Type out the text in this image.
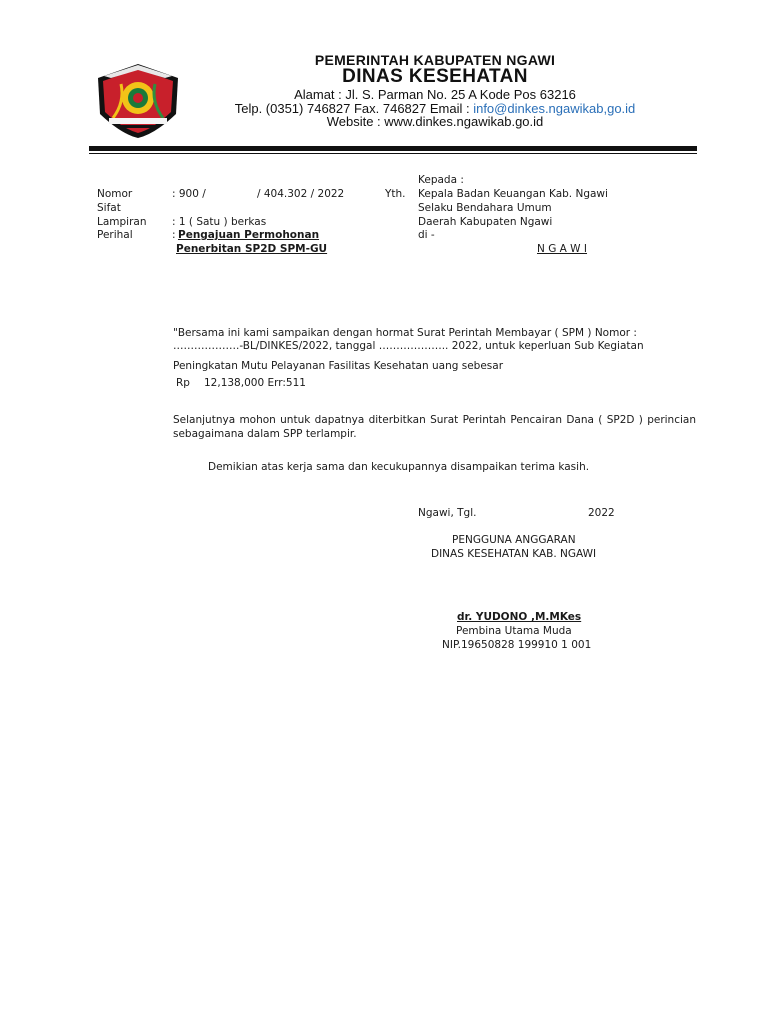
PEMERINTAH KABUPATEN NGAWI
DINAS KESEHATAN
Alamat : Jl. S. Parman No. 25 A Kode Pos 63216
Telp. (0351) 746827 Fax. 746827 Email : info@dinkes.ngawikab,go.id
Website : www.dinkes.ngawikab.go.id
Nomor	: 900 /	/ 404.302 / 2022
Sifat
Lampiran : 1 ( Satu ) berkas
Perihal	: Pengajuan Permohonan
Penerbitan SP2D SPM-GU
Kepada :
Yth. Kepala Badan Keuangan Kab. Ngawi
Selaku Bendahara Umum
Daerah Kabupaten Ngawi
di -
N G A W I
"Bersama ini kami sampaikan dengan hormat Surat Perintah Membayar ( SPM ) Nomor :
……………….-BL/DINKES/2022, tanggal ……………….. 2022, untuk keperluan Sub Kegiatan
Peningkatan Mutu Pelayanan Fasilitas Kesehatan uang sebesar
Rp 12,138,000 Err:511
Selanjutnya mohon untuk dapatnya diterbitkan Surat Perintah Pencairan Dana ( SP2D ) perincian sebagaimana dalam SPP terlampir.
Demikian atas kerja sama dan kecukupannya disampaikan terima kasih.
Ngawi, Tgl.	2022
PENGGUNA ANGGARAN
DINAS KESEHATAN KAB. NGAWI
dr. YUDONO ,M.MKes
Pembina Utama Muda
NIP.19650828 199910 1 001
